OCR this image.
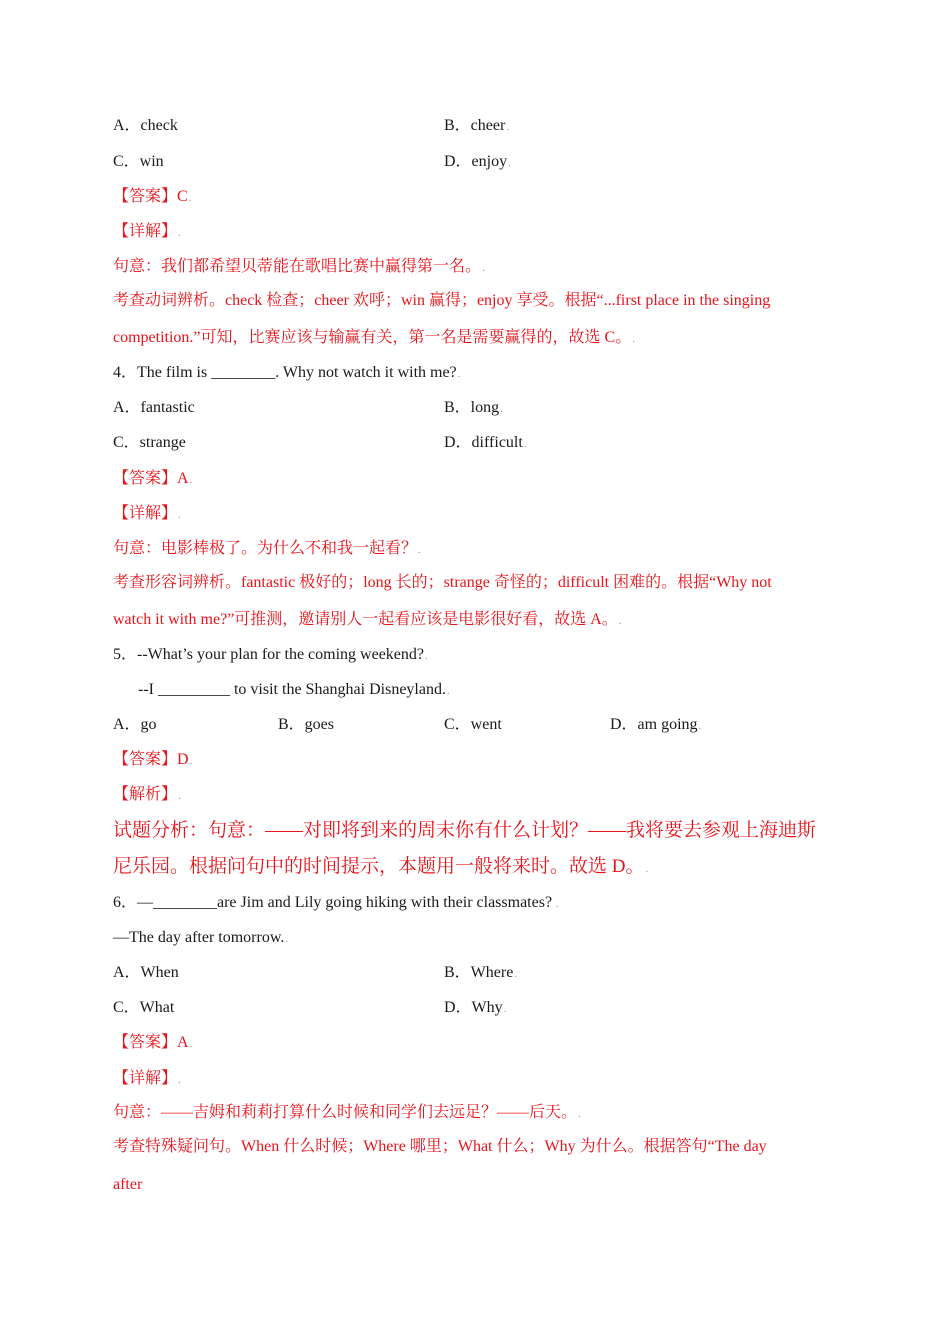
A．check	B．cheer.
C．win	D．enjoy.
【答案】C.
【详解】.
句意：我们都希望贝蒂能在歌唱比赛中赢得第一名。.
考查动词辨析。check 检查；cheer 欢呼；win 赢得；enjoy 享受。根据“...first place in the singing
competition.”可知，比赛应该与输赢有关，第一名是需要赢得的，故选 C。.
4．The film is ________. Why not watch it with me?.
A．fantastic	B．long.
C．strange	D．difficult.
【答案】A.
【详解】.
句意：电影棒极了。为什么不和我一起看？.
考查形容词辨析。fantastic 极好的；long 长的；strange 奇怪的；difficult 困难的。根据“Why not
watch it with me?”可推测，邀请别人一起看应该是电影很好看，故选 A。.
5．--What’s your plan for the coming weekend?.
--I _________ to visit the Shanghai Disneyland..
A．go	B．goes	C．went	D．am going.
【答案】D.
【解析】.
试题分析：句意：——对即将到来的周末你有什么计划？——我将要去参观上海迪斯
尼乐园。根据问句中的时间提示，本题用一般将来时。故选 D。.
6．—________are Jim and Lily going hiking with their classmates? .
—The day after tomorrow..
A．When	B．Where.
C．What	D．Why.
【答案】A.
【详解】.
句意：——吉姆和莉莉打算什么时候和同学们去远足？——后天。.
考查特殊疑问句。When 什么时候；Where 哪里；What 什么；Why 为什么。根据答句“The day
after
